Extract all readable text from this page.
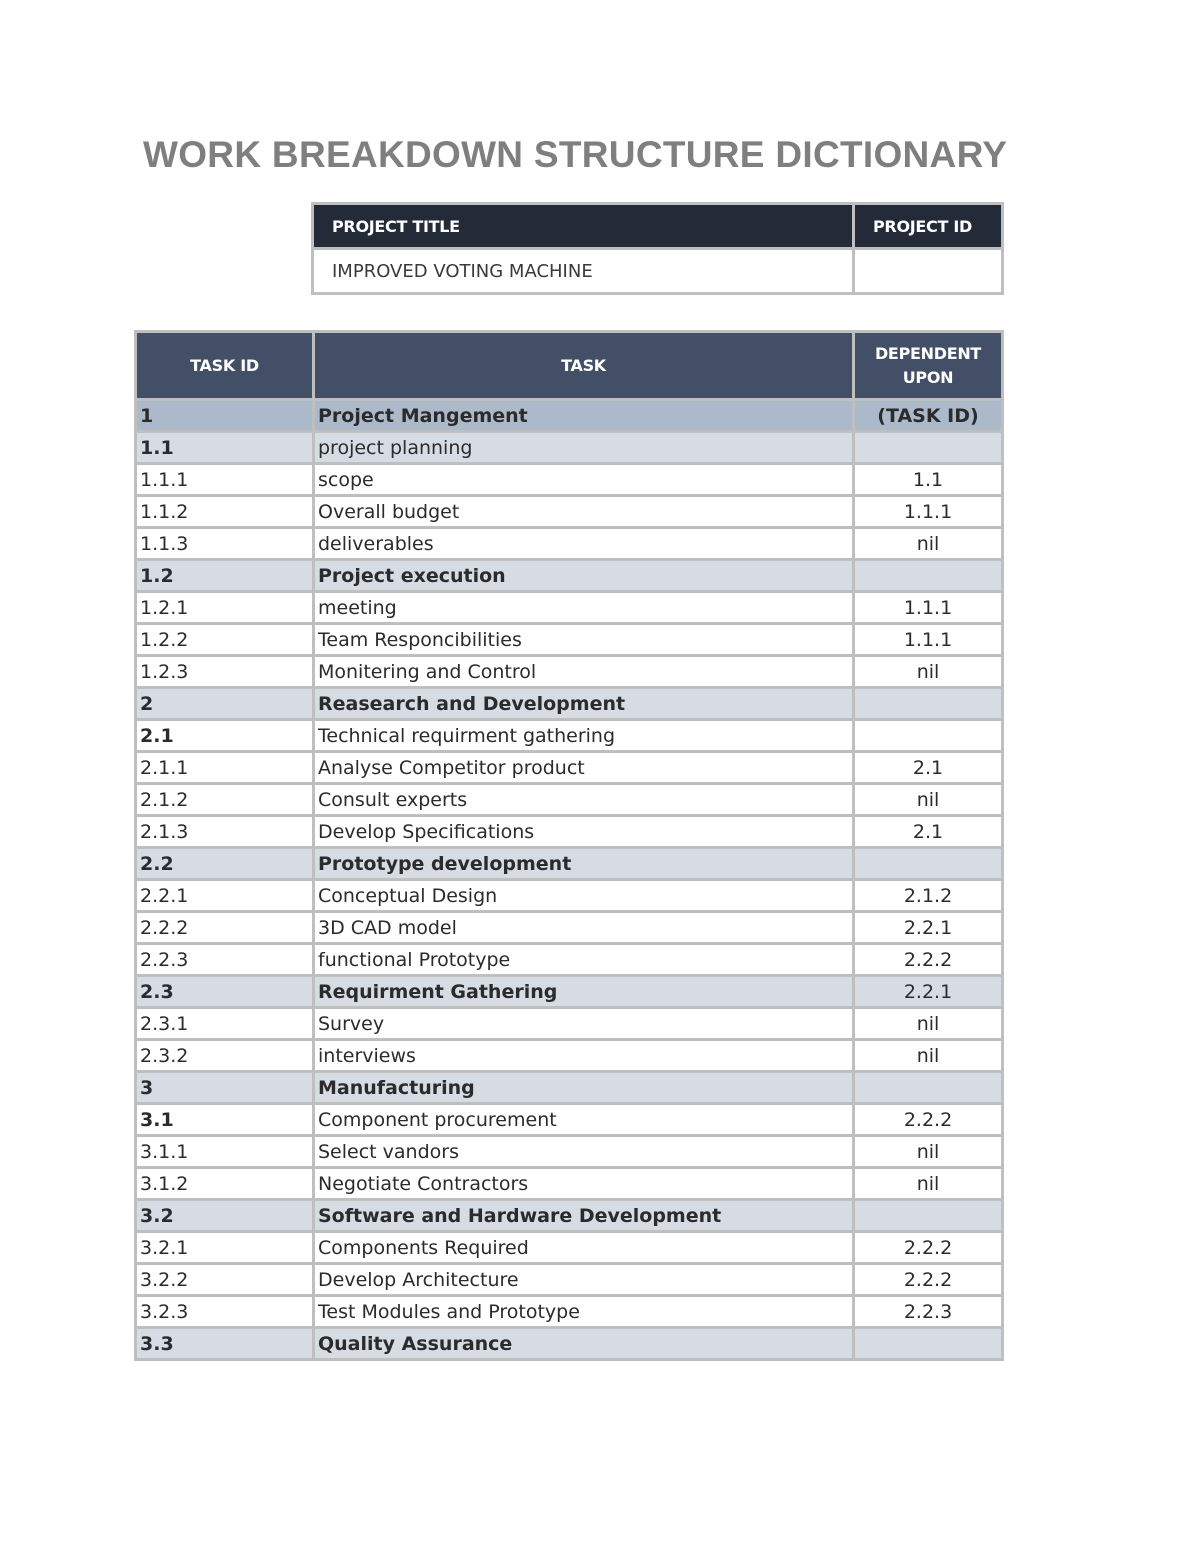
WORK BREAKDOWN STRUCTURE DICTIONARY
PROJECT TITLE	PROJECT ID
IMPROVED VOTING MACHINE	
TASK ID	TASK	DEPENDENT UPON
1	Project Mangement	(TASK ID)
1.1	project planning	
1.1.1	scope	1.1
1.1.2	Overall budget	1.1.1
1.1.3	deliverables	nil
1.2	Project execution	
1.2.1	meeting	1.1.1
1.2.2	Team Responcibilities	1.1.1
1.2.3	Monitering and Control	nil
2	Reasearch and Development	
2.1	Technical requirment gathering	
2.1.1	Analyse Competitor product	2.1
2.1.2	Consult experts	nil
2.1.3	Develop Specifications	2.1
2.2	Prototype development	
2.2.1	Conceptual Design	2.1.2
2.2.2	3D CAD model	2.2.1
2.2.3	functional Prototype	2.2.2
2.3	Requirment Gathering	2.2.1
2.3.1	Survey	nil
2.3.2	interviews	nil
3	Manufacturing	
3.1	Component procurement	2.2.2
3.1.1	Select vandors	nil
3.1.2	Negotiate Contractors	nil
3.2	Software and Hardware Development	
3.2.1	Components Required	2.2.2
3.2.2	Develop Architecture	2.2.2
3.2.3	Test Modules and Prototype	2.2.3
3.3	Quality Assurance	
